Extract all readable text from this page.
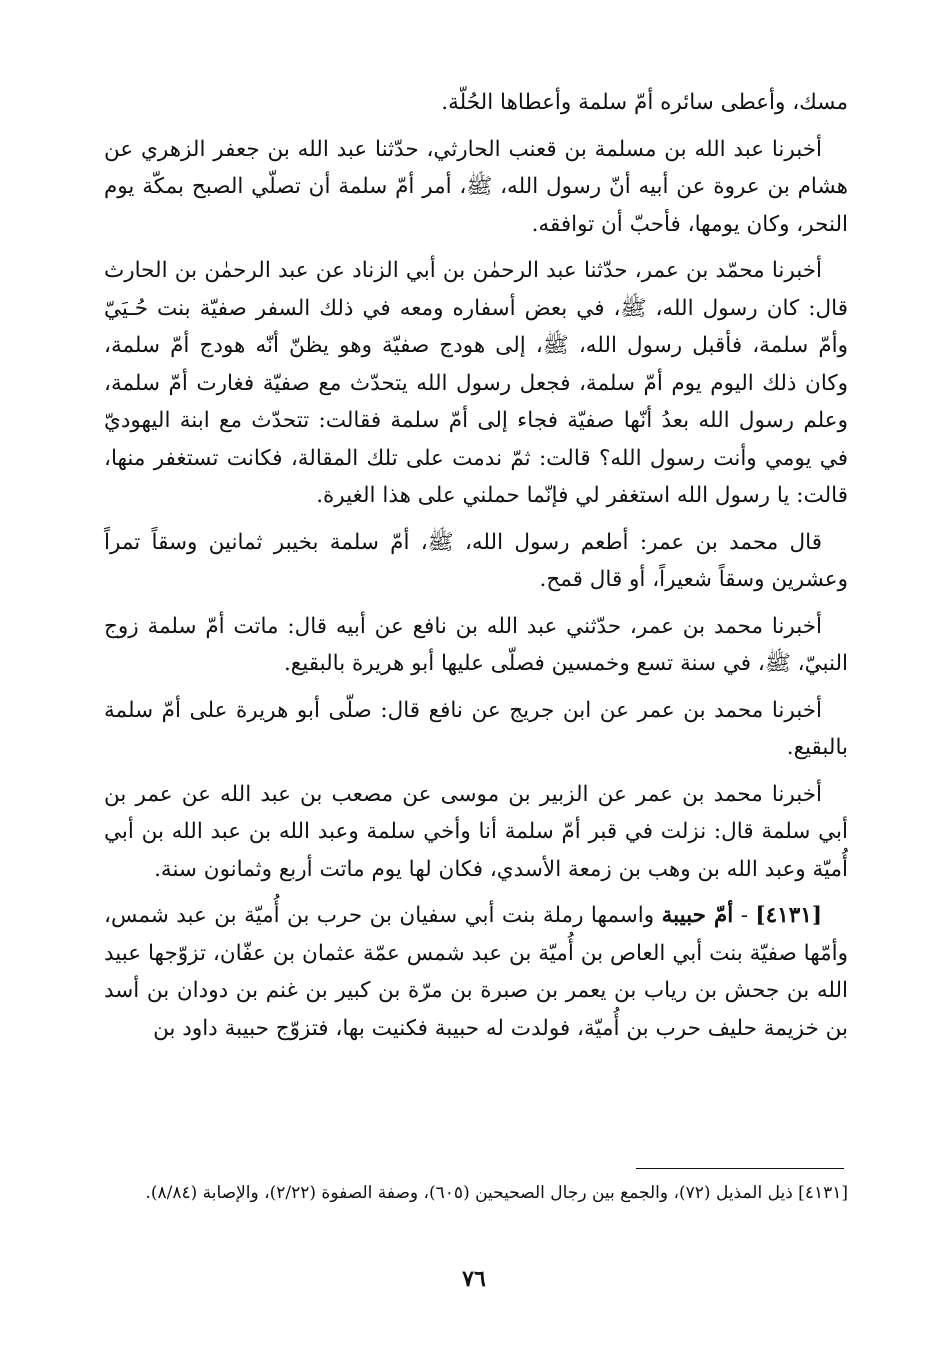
مسك، وأعطى سائره أمّ سلمة وأعطاها الحُلّة.

أخبرنا عبد الله بن مسلمة بن قعنب الحارثي، حدّثنا عبد الله بن جعفر الزهري عن هشام بن عروة عن أبيه أنّ رسول الله، ﷺ، أمر أمّ سلمة أن تصلّي الصبح بمكّة يوم النحر، وكان يومها، فأحبّ أن توافقه.

أخبرنا محمّد بن عمر، حدّثنا عبد الرحمٰن بن أبي الزناد عن عبد الرحمٰن بن الحارث قال: كان رسول الله، ﷺ، في بعض أسفاره ومعه في ذلك السفر صفيّة بنت حُـيَيّ وأمّ سلمة، فأقبل رسول الله، ﷺ، إلى هودج صفيّة وهو يظنّ أنّه هودج أمّ سلمة، وكان ذلك اليوم يوم أمّ سلمة، فجعل رسول الله يتحدّث مع صفيّة فغارت أمّ سلمة، وعلم رسول الله بعدُ أنّها صفيّة فجاء إلى أمّ سلمة فقالت: تتحدّث مع ابنة اليهوديّ في يومي وأنت رسول الله؟ قالت: ثمّ ندمت على تلك المقالة، فكانت تستغفر منها، قالت: يا رسول الله استغفر لي فإنّما حملني على هذا الغيرة.

قال محمد بن عمر: أطعم رسول الله، ﷺ، أمّ سلمة بخيبر ثمانين وسقاً تمراً وعشرين وسقاً شعيراً، أو قال قمح.

أخبرنا محمد بن عمر، حدّثني عبد الله بن نافع عن أبيه قال: ماتت أمّ سلمة زوج النبيّ، ﷺ، في سنة تسع وخمسين فصلّى عليها أبو هريرة بالبقيع.

أخبرنا محمد بن عمر عن ابن جريج عن نافع قال: صلّى أبو هريرة على أمّ سلمة بالبقيع.

أخبرنا محمد بن عمر عن الزبير بن موسى عن مصعب بن عبد الله عن عمر بن أبي سلمة قال: نزلت في قبر أمّ سلمة أنا وأخي سلمة وعبد الله بن عبد الله بن أبي أُميّة وعبد الله بن وهب بن زمعة الأسدي، فكان لها يوم ماتت أربع وثمانون سنة.

[٤١٣١] - أمّ حبيبة واسمها رملة بنت أبي سفيان بن حرب بن أُميّة بن عبد شمس، وأمّها صفيّة بنت أبي العاص بن أُميّة بن عبد شمس عمّة عثمان بن عفّان، تزوّجها عبيد الله بن جحش بن رياب بن يعمر بن صبرة بن مرّة بن كبير بن غنم بن دودان بن أسد بن خزيمة حليف حرب بن أُميّة، فولدت له حبيبة فكنيت بها، فتزوّج حبيبة داود بن

[٤١٣١] ذيل المذيل (٧٢)، والجمع بين رجال الصحيحين (٦٠٥)، وصفة الصفوة (٢/٢٢)، والإصابة (٨/٨٤).
٧٦
